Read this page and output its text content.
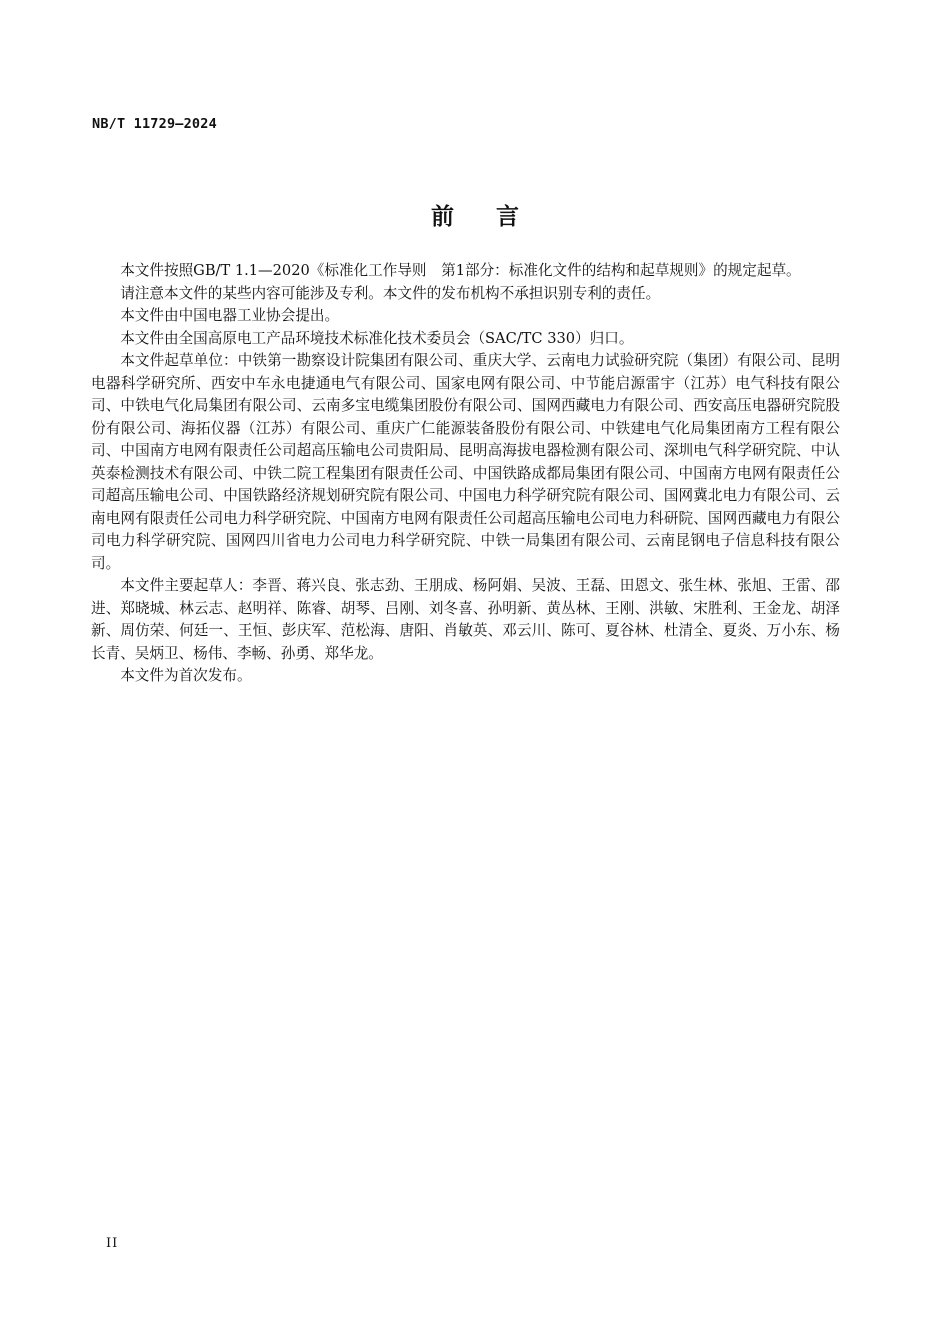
NB/T 11729—2024
前言

本文件按照GB/T 1.1—2020《标准化工作导则　第1部分：标准化文件的结构和起草规则》的规定起草。

请注意本文件的某些内容可能涉及专利。本文件的发布机构不承担识别专利的责任。

本文件由中国电器工业协会提出。

本文件由全国高原电工产品环境技术标准化技术委员会（SAC/TC 330）归口。

本文件起草单位：中铁第一勘察设计院集团有限公司、重庆大学、云南电力试验研究院（集团）有限公司、昆明电器科学研究所、西安中车永电捷通电气有限公司、国家电网有限公司、中节能启源雷宇（江苏）电气科技有限公司、中铁电气化局集团有限公司、云南多宝电缆集团股份有限公司、国网西藏电力有限公司、西安高压电器研究院股份有限公司、海拓仪器（江苏）有限公司、重庆广仁能源装备股份有限公司、中铁建电气化局集团南方工程有限公司、中国南方电网有限责任公司超高压输电公司贵阳局、昆明高海拔电器检测有限公司、深圳电气科学研究院、中认英泰检测技术有限公司、中铁二院工程集团有限责任公司、中国铁路成都局集团有限公司、中国南方电网有限责任公司超高压输电公司、中国铁路经济规划研究院有限公司、中国电力科学研究院有限公司、国网冀北电力有限公司、云南电网有限责任公司电力科学研究院、中国南方电网有限责任公司超高压输电公司电力科研院、国网西藏电力有限公司电力科学研究院、国网四川省电力公司电力科学研究院、中铁一局集团有限公司、云南昆钢电子信息科技有限公司。

本文件主要起草人：李晋、蒋兴良、张志劲、王朋成、杨阿娟、吴波、王磊、田恩文、张生林、张旭、王雷、邵进、郑晓城、林云志、赵明祥、陈睿、胡琴、吕刚、刘冬喜、孙明新、黄丛林、王刚、洪敏、宋胜利、王金龙、胡泽新、周仿荣、何廷一、王恒、彭庆军、范松海、唐阳、肖敏英、邓云川、陈可、夏谷林、杜清全、夏炎、万小东、杨长青、吴炳卫、杨伟、李畅、孙勇、郑华龙。

本文件为首次发布。

II
